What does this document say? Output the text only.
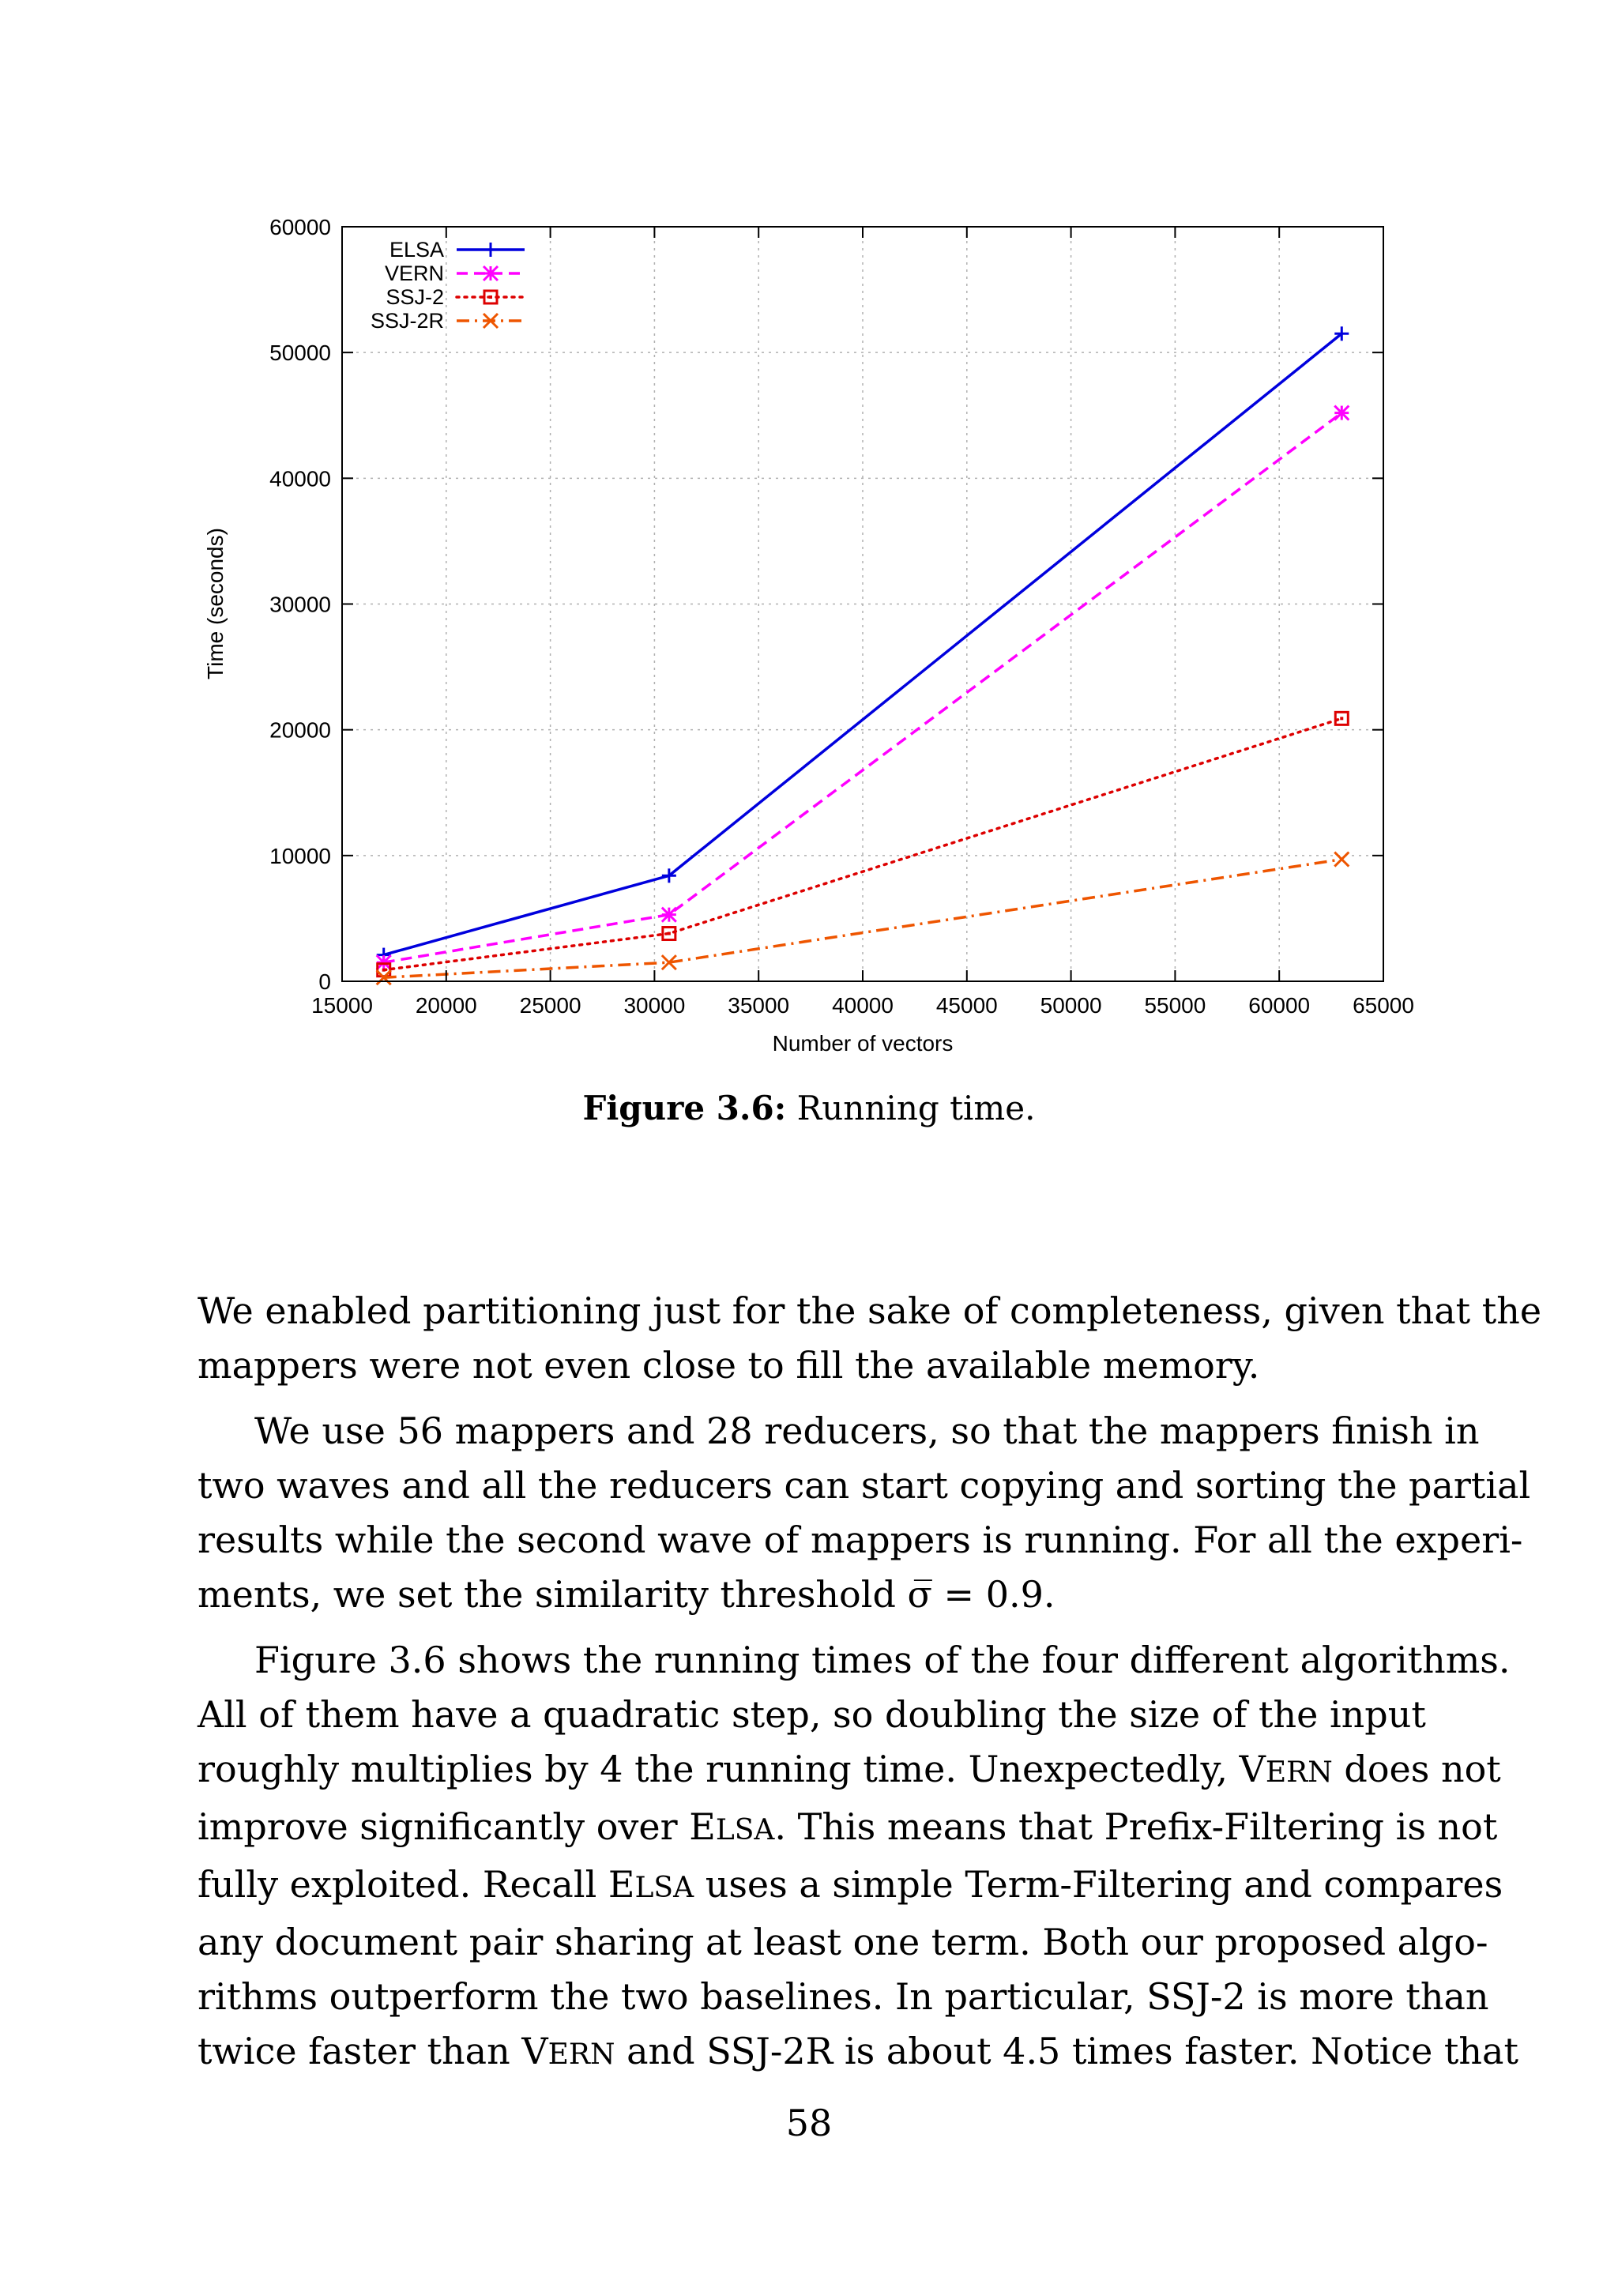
15000 20000 25000 30000 35000 40000 45000 50000 55000 60000 65000
0
10000
20000
30000
40000
50000
60000
ELSA
VERN
SSJ-2
SSJ-2R
Number of vectors
Time (seconds)
Figure 3.6: Running time.
We enabled partitioning just for the sake of completeness, given that the
mappers were not even close to fill the available memory.
We use 56 mappers and 28 reducers, so that the mappers finish in
two waves and all the reducers can start copying and sorting the partial
results while the second wave of mappers is running. For all the experi-
ments, we set the similarity threshold σ̅ = 0.9.
Figure 3.6 shows the running times of the four different algorithms.
All of them have a quadratic step, so doubling the size of the input
roughly multiplies by 4 the running time. Unexpectedly, VERN does not
improve significantly over ELSA. This means that Prefix-Filtering is not
fully exploited. Recall ELSA uses a simple Term-Filtering and compares
any document pair sharing at least one term. Both our proposed algo-
rithms outperform the two baselines. In particular, SSJ-2 is more than
twice faster than VERN and SSJ-2R is about 4.5 times faster. Notice that
58
